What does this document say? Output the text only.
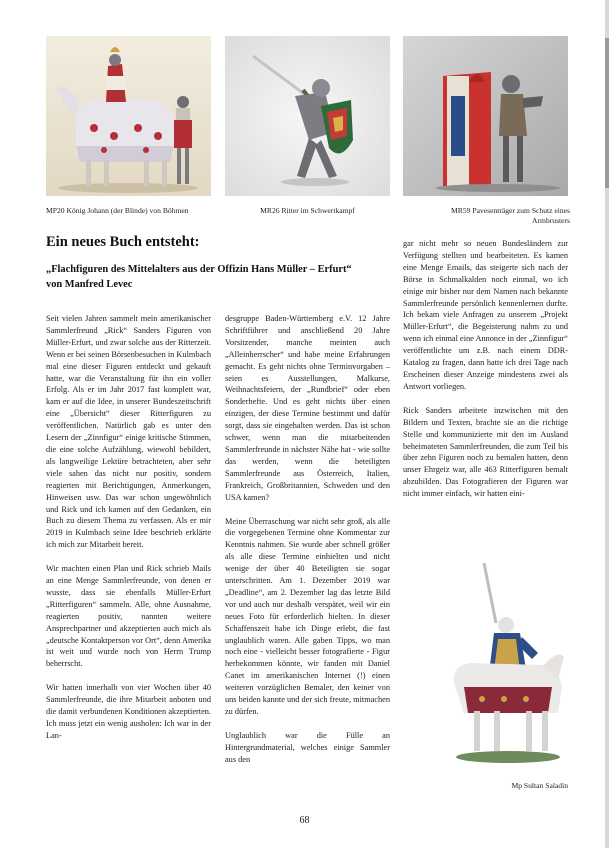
MP20 König Johann (der Blinde) von Böhmen	MR26 Ritter im Schwertkampf	MR59 Pavesenträger zum Schutz eines Armbrusters
Ein neues Buch entsteht:
„Flachfiguren des Mittelalters aus der Offizin Hans Müller – Erfurt“
von Manfred Levec

Seit vielen Jahren sammelt mein amerikanischer Sammlerfreund „Rick“ Sanders Figuren von Müller-Erfurt, und zwar solche aus der Ritterzeit. Wenn er bei seinen Börsenbesuchen in Kulmbach mal eine dieser Figuren entdeckt und gekauft hatte, war die Veranstaltung für ihn ein voller Erfolg. Als er im Jahr 2017 fast komplett war, kam er auf die Idee, in unserer Bundeszeitschrift eine „Übersicht“ dieser Ritterfiguren zu veröffentlichen. Natürlich gab es unter den Lesern der „Zinnfigur“ einige kritische Stimmen, die eine solche Aufzählung, wiewohl bebildert, als langweilige Lektüre betrachteten, aber sehr viele sahen das nicht nur positiv, sondern reagierten mit Berichtigungen, Anmerkungen, Hinweisen usw. Das war schon ungewöhnlich und Rick und ich kamen auf den Gedanken, ein Buch zu diesem Thema zu verfassen. Als er mir 2019 in Kulmbach seine Idee beschrieb erklärte ich mich zur Mitarbeit bereit.

Wir machten einen Plan und Rick schrieb Mails an eine Menge Sammlerfreunde, von denen er wusste, dass sie ebenfalls Müller-Erfurt „Ritterfiguren“ sammeln. Alle, ohne Ausnahme, reagierten positiv, nannten weitere Ansprechpartner und akzeptierten auch mich als „deutsche Kontaktperson vor Ort“, denn Amerika ist weit und wurde noch von Herrn Trump beherrscht.

Wir hatten innerhalb von vier Wochen über 40 Sammlerfreunde, die ihre Mitarbeit anboten und die damit verbundenen Konditionen akzeptierten. Ich muss jetzt ein wenig ausholen: Ich war in der Lan-

desgruppe Baden-Württemberg e.V. 12 Jahre Schriftführer und anschließend 20 Jahre Vorsitzender, manche meinten auch „Alleinherrscher“ und habe meine Erfahrungen gemacht. Es geht nichts ohne Terminvorgaben – seien es Ausstellungen, Malkurse, Weihnachtsfeiern, der „Rundbrief“ oder eben Sonderhefte. Und es geht nichts über einen einzigen, der diese Termine bestimmt und dafür sorgt, dass sie eingehalten werden. Das ist schon schwer, wenn man die mitarbeitenden Sammlerfreunde in nächster Nähe hat - wie sollte das werden, wenn die beteiligten Sammlerfreunde aus Österreich, Italien, Frankreich, Großbritannien, Schweden und den USA kamen?

Meine Überraschung war nicht sehr groß, als alle die vorgegebenen Termine ohne Kommentar zur Kenntnis nahmen. Sie wurde aber schnell größer als alle diese Termine einhielten und nicht wenige der über 40 Beteiligten sie sogar unterschritten. Am 1. Dezember 2019 war „Deadline“, am 2. Dezember lag das letzte Bild vor und auch nur deshalb verspätet, weil wir ein neues Foto für erforderlich hielten. In dieser Schaffenszeit habe ich Dinge erlebt, die fast unglaublich waren. Alle gaben Tipps, wo man noch eine - vielleicht besser fotografierte - Figur herbekommen könnte, wir fanden mit Daniel Canet im amerikanischen Internet (!) einen weiteren vorzüglichen Bemaler, den keiner von uns beiden kannte und der sich freute, mitmachen zu dürfen.

Unglaublich war die Fülle an Hintergrundmaterial, welches einige Sammler aus den

gar nicht mehr so neuen Bundesländern zur Verfügung stellten und bearbeiteten. Es kamen eine Menge Emails, das steigerte sich nach der Börse in Schmalkalden noch einmal, wo ich einige mir bisher nur dem Namen nach bekannte Sammlerfreunde persönlich kennenlernen durfte. Ich bekam viele Anfragen zu unserem „Projekt Müller-Erfurt“, die Begeisterung nahm zu und wenn ich einmal eine Annonce in der „Zinnfigur“ veröffentlichte um z.B. nach einem DDR-Katalog zu fragen, dann hatte ich drei Tage nach Erscheinen dieser Anzeige mindestens zwei als Antwort vorliegen.

Rick Sanders arbeitete inzwischen mit den Bildern und Texten, brachte sie an die richtige Stelle und kommunizierte mit den im Ausland beheimateten Sammlerfreunden, die zum Teil bis über zehn Figuren noch zu bemalen hatten, denn unser Ehrgeiz war, alle 463 Ritterfiguren bemalt abzubilden. Das Fotografieren der Figuren war nicht immer einfach, wir hatten eini-

Mp Sultan Saladin
68
